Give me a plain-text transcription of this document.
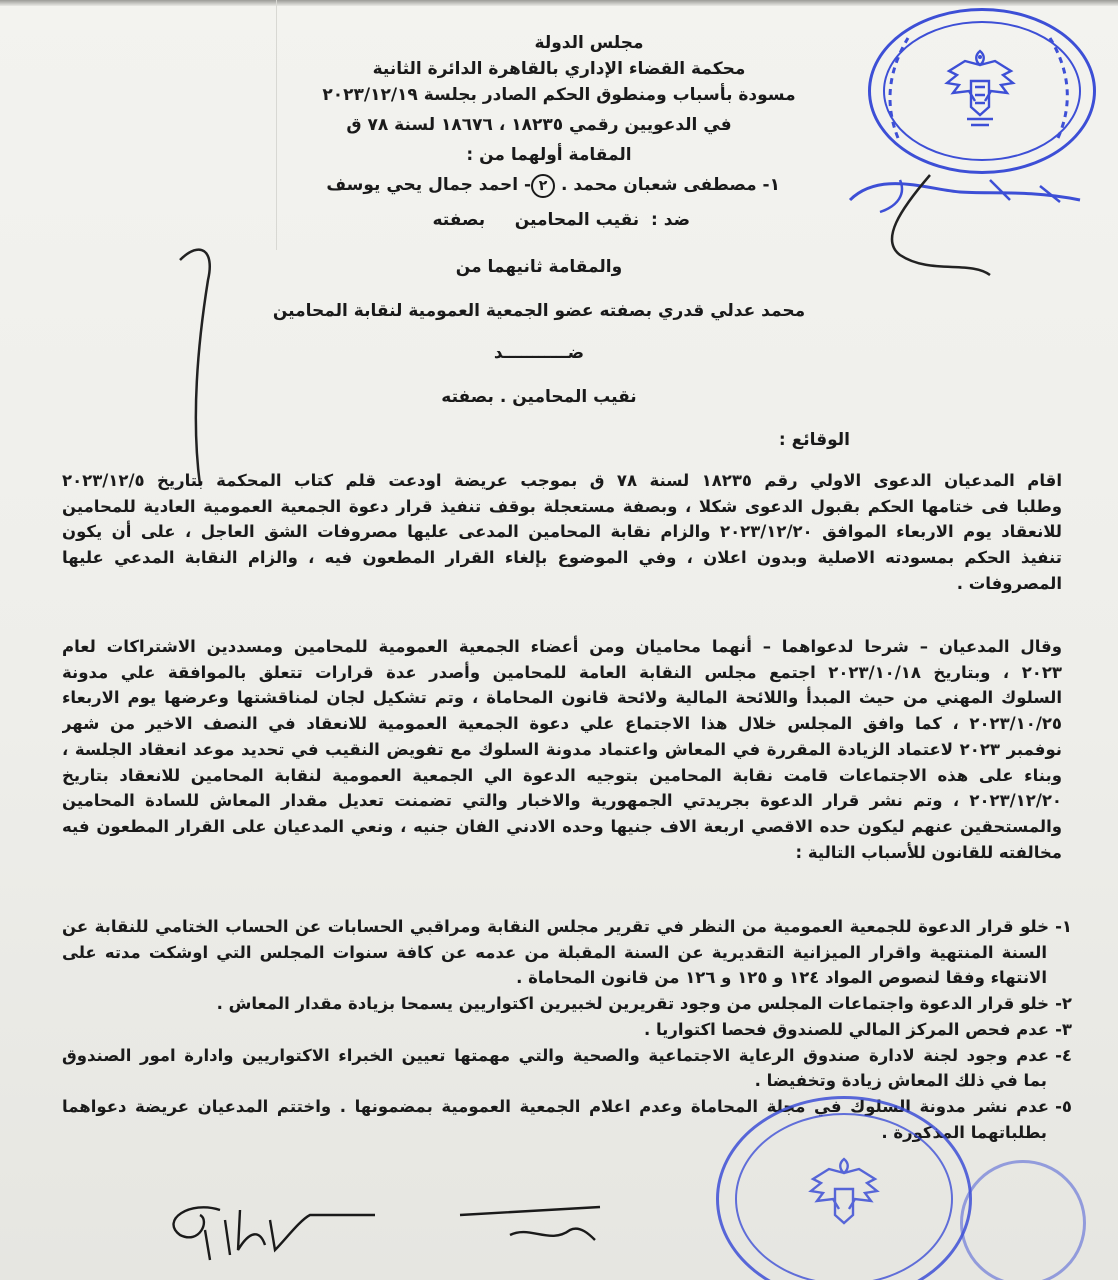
مجلس الدولة
محكمة القضاء الإداري بالقاهرة الدائرة الثانية
مسودة بأسباب ومنطوق الحكم الصادر بجلسة ٢٠٢٣/١٢/١٩
في الدعويين رقمي ١٨٢٣٥ ، ١٨٦٧٦ لسنة ٧٨ ق
المقامة أولهما من :
١- مصطفى شعبان محمد . ٢- احمد جمال يحي يوسف
ضد :  نقيب المحامين     بصفته
والمقامة ثانيهما من
محمد عدلي قدري بصفته عضو الجمعية العمومية لنقابة المحامين
ضـــــــــــد
نقيب المحامين . بصفته
الوقائع :
اقام المدعيان الدعوى الاولي رقم ١٨٢٣٥ لسنة ٧٨ ق بموجب عريضة اودعت قلم كتاب المحكمة بتاريخ ٢٠٢٣/١٢/٥
وطلبا فى ختامها الحكم بقبول الدعوى شكلا ، وبصفة مستعجلة بوقف تنفيذ قرار دعوة الجمعية العمومية العادية للمحامين
للانعقاد يوم الاربعاء الموافق ٢٠٢٣/١٢/٢٠ والزام نقابة المحامين المدعى عليها مصروفات الشق العاجل ، على أن يكون
تنفيذ الحكم بمسودته الاصلية وبدون اعلان ، وفي الموضوع بإلغاء القرار المطعون فيه ، والزام النقابة المدعي عليها
المصروفات .
وقال المدعيان – شرحا لدعواهما – أنهما محاميان ومن أعضاء الجمعية العمومية للمحامين ومسددين الاشتراكات لعام
٢٠٢٣ ، وبتاريخ ٢٠٢٣/١٠/١٨ اجتمع مجلس النقابة العامة للمحامين وأصدر عدة قرارات تتعلق بالموافقة علي مدونة
السلوك المهني من حيث المبدأ واللائحة المالية ولائحة قانون المحاماة ، وتم تشكيل لجان لمناقشتها وعرضها يوم الاربعاء
٢٠٢٣/١٠/٢٥ ، كما وافق المجلس خلال هذا الاجتماع علي دعوة الجمعية العمومية للانعقاد في النصف الاخير من شهر
نوفمبر ٢٠٢٣ لاعتماد الزيادة المقررة في المعاش واعتماد مدونة السلوك مع تفويض النقيب في تحديد موعد انعقاد الجلسة ،
وبناء على هذه الاجتماعات قامت نقابة المحامين بتوجيه الدعوة الي الجمعية العمومية لنقابة المحامين للانعقاد بتاريخ
٢٠٢٣/١٢/٢٠ ، وتم نشر قرار الدعوة بجريدتي الجمهورية والاخبار والتي تضمنت تعديل مقدار المعاش للسادة المحامين
والمستحقين عنهم ليكون حده الاقصي اربعة الاف جنيها وحده الادني الفان جنيه ، ونعي المدعيان على القرار المطعون فيه
مخالفته للقانون للأسباب التالية :
١-خلو قرار الدعوة للجمعية العمومية من النظر في تقرير مجلس النقابة ومراقبي الحسابات عن الحساب الختامي للنقابة عن
السنة المنتهية واقرار الميزانية التقديرية عن السنة المقبلة من عدمه عن كافة سنوات المجلس التي اوشكت مدته على
الانتهاء وفقا لنصوص المواد ١٢٤ و ١٢٥ و ١٢٦ من قانون المحاماة .
٢-خلو قرار الدعوة واجتماعات المجلس من وجود تقريرين لخبيرين اكتواريين يسمحا بزيادة مقدار المعاش .
٣-عدم فحص المركز المالي للصندوق فحصا اكتواريا .
٤-عدم وجود لجنة لادارة صندوق الرعاية الاجتماعية والصحية والتي مهمتها تعيين الخبراء الاكتواريين وادارة امور الصندوق
بما في ذلك المعاش زيادة وتخفيضا .
٥-عدم نشر مدونة السلوك في مجلة المحاماة وعدم اعلام الجمعية العمومية بمضمونها . واختتم المدعيان عريضة دعواهما
بطلباتهما المذكورة .
